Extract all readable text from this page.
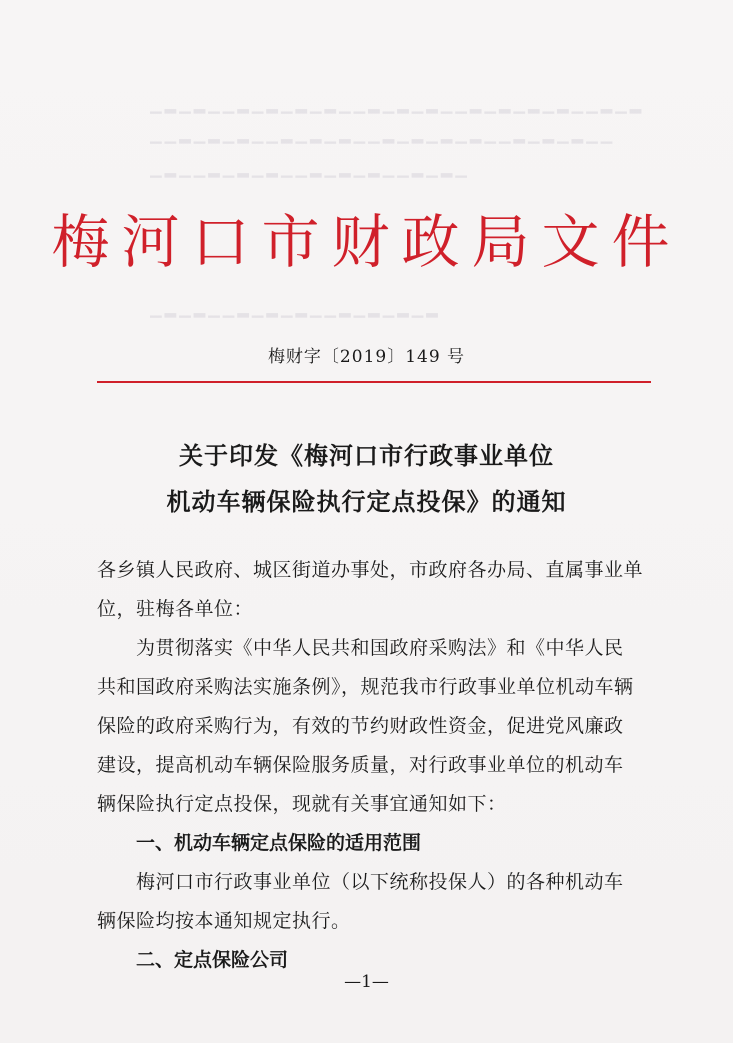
▁▂▁▂▁▁▂▁▂▁▂▁▂▁▁▂▁▂▁▂▁▁▂▁▂▁▂▁▂▁▁▂▁▂
▁▁▂▁▂▁▂▁▁▂▁▂▁▂▁▁▂▁▂▁▂▁▂▁▁▂▁▂▁▂▁▁
▁▂▁▁▂▁▂▁▂▁▁▂▁▂▁▂▁▁▂▁▂▁
▁▂▁▂▁▁▂▁▂▁▂▁▁▂▁▂▁▂▁▂
梅河口市财政局文件
梅财字〔2019〕149 号
关于印发《梅河口市行政事业单位
机动车辆保险执行定点投保》的通知
各乡镇人民政府、城区街道办事处，市政府各办局、直属事业单
位，驻梅各单位：
为贯彻落实《中华人民共和国政府采购法》和《中华人民
共和国政府采购法实施条例》，规范我市行政事业单位机动车辆
保险的政府采购行为，有效的节约财政性资金，促进党风廉政
建设，提高机动车辆保险服务质量，对行政事业单位的机动车
辆保险执行定点投保，现就有关事宜通知如下：
一、机动车辆定点保险的适用范围
梅河口市行政事业单位（以下统称投保人）的各种机动车
辆保险均按本通知规定执行。
二、定点保险公司
—1—
